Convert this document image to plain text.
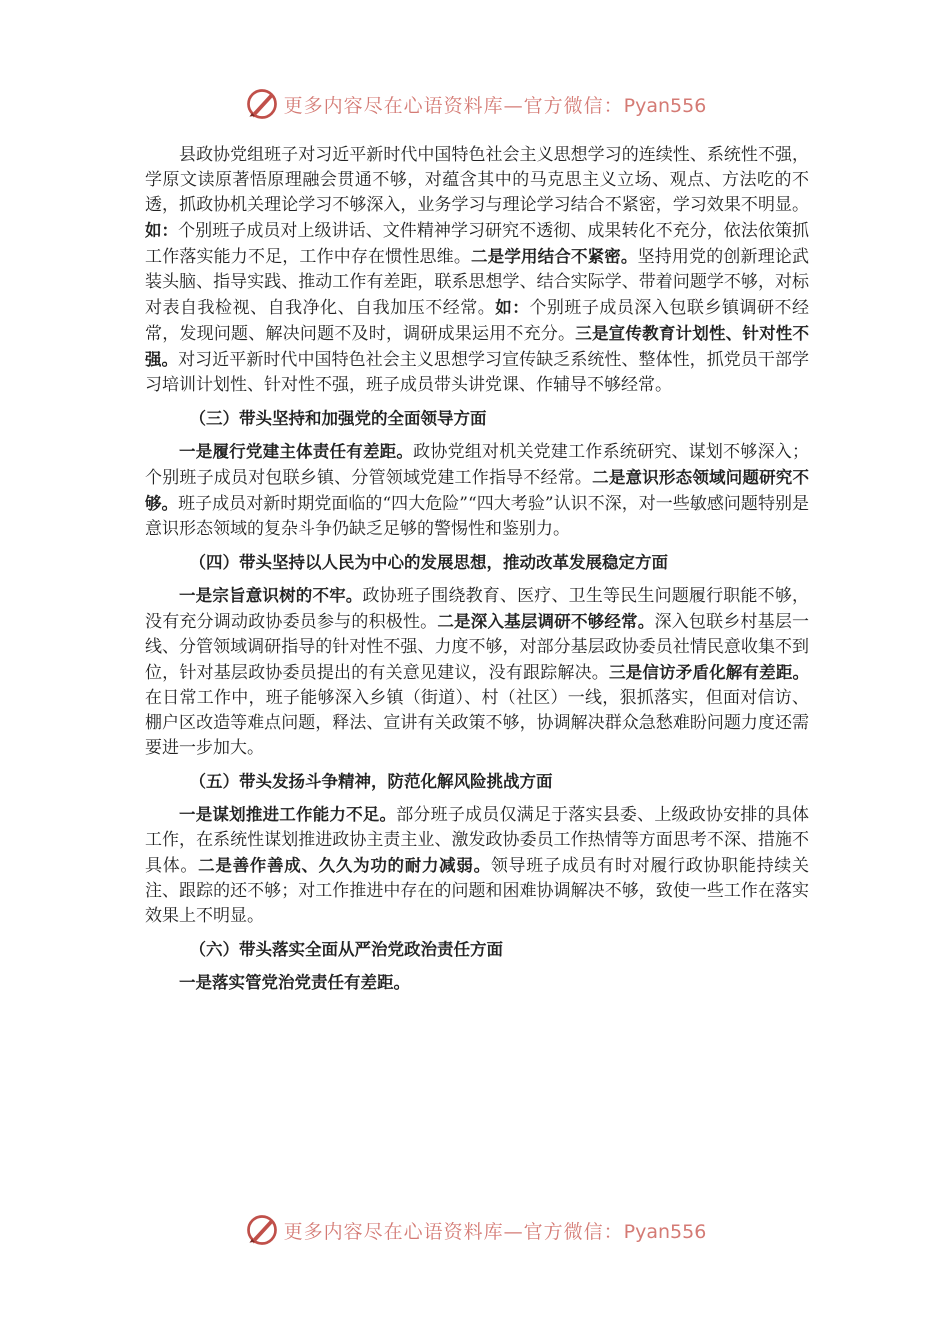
更多内容尽在心语资料库—官方微信：Pyan556

县政协党组班子对习近平新时代中国特色社会主义思想学习的连续性、系统性不强，学原文读原著悟原理融会贯通不够，对蕴含其中的马克思主义立场、观点、方法吃的不透，抓政协机关理论学习不够深入，业务学习与理论学习结合不紧密，学习效果不明显。如：个别班子成员对上级讲话、文件精神学习研究不透彻、成果转化不充分，依法依策抓工作落实能力不足，工作中存在惯性思维。二是学用结合不紧密。坚持用党的创新理论武装头脑、指导实践、推动工作有差距，联系思想学、结合实际学、带着问题学不够，对标对表自我检视、自我净化、自我加压不经常。如：个别班子成员深入包联乡镇调研不经常，发现问题、解决问题不及时，调研成果运用不充分。三是宣传教育计划性、针对性不强。对习近平新时代中国特色社会主义思想学习宣传缺乏系统性、整体性，抓党员干部学习培训计划性、针对性不强，班子成员带头讲党课、作辅导不够经常。

（三）带头坚持和加强党的全面领导方面

一是履行党建主体责任有差距。政协党组对机关党建工作系统研究、谋划不够深入；个别班子成员对包联乡镇、分管领域党建工作指导不经常。二是意识形态领域问题研究不够。班子成员对新时期党面临的“四大危险”“四大考验”认识不深，对一些敏感问题特别是意识形态领域的复杂斗争仍缺乏足够的警惕性和鉴别力。

（四）带头坚持以人民为中心的发展思想，推动改革发展稳定方面

一是宗旨意识树的不牢。政协班子围绕教育、医疗、卫生等民生问题履行职能不够，没有充分调动政协委员参与的积极性。二是深入基层调研不够经常。深入包联乡村基层一线、分管领域调研指导的针对性不强、力度不够，对部分基层政协委员社情民意收集不到位，针对基层政协委员提出的有关意见建议，没有跟踪解决。三是信访矛盾化解有差距。在日常工作中，班子能够深入乡镇（街道）、村（社区）一线，狠抓落实，但面对信访、棚户区改造等难点问题，释法、宣讲有关政策不够，协调解决群众急愁难盼问题力度还需要进一步加大。

（五）带头发扬斗争精神，防范化解风险挑战方面

一是谋划推进工作能力不足。部分班子成员仅满足于落实县委、上级政协安排的具体工作，在系统性谋划推进政协主责主业、激发政协委员工作热情等方面思考不深、措施不具体。二是善作善成、久久为功的耐力减弱。领导班子成员有时对履行政协职能持续关注、跟踪的还不够；对工作推进中存在的问题和困难协调解决不够，致使一些工作在落实效果上不明显。

（六）带头落实全面从严治党政治责任方面

一是落实管党治党责任有差距。

更多内容尽在心语资料库—官方微信：Pyan556
